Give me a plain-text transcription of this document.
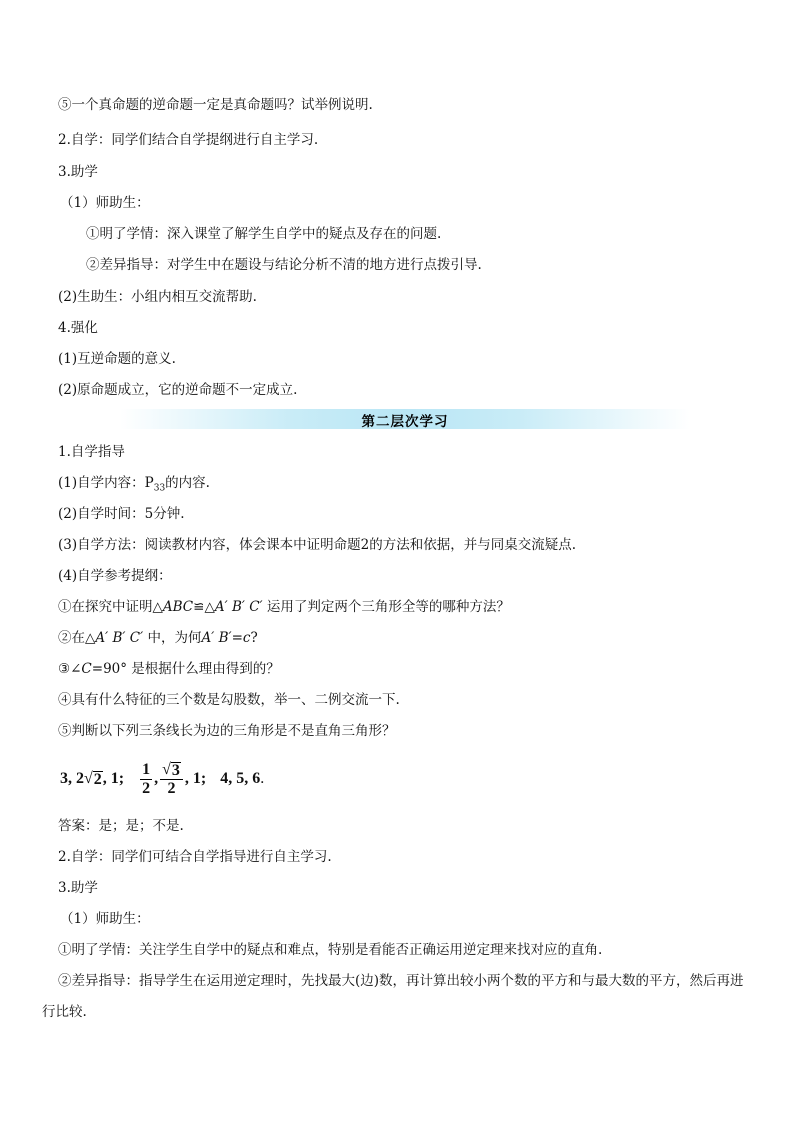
⑤一个真命题的逆命题一定是真命题吗？试举例说明.
2.自学：同学们结合自学提纲进行自主学习.
3.助学
（1）师助生：
①明了学情：深入课堂了解学生自学中的疑点及存在的问题.
②差异指导：对学生中在题设与结论分析不清的地方进行点拨引导.
(2)生助生：小组内相互交流帮助.
4.强化
(1)互逆命题的意义.
(2)原命题成立，它的逆命题不一定成立.
第二层次学习
1.自学指导
(1)自学内容：$P_{33}$的内容.
(2)自学时间：5分钟.
(3)自学方法：阅读教材内容，体会课本中证明命题2的方法和依据，并与同桌交流疑点.
(4)自学参考提纲：
①在探究中证明△ABC≌△A′ B′ C′ 运用了判定两个三角形全等的哪种方法？
②在△A′ B′ C′ 中，为何A′ B′=c?
③∠C=90° 是根据什么理由得到的？
④具有什么特征的三个数是勾股数，举一、二例交流一下.
⑤判断以下列三条线长为边的三角形是不是直角三角形？
3, 2 √ 2 , 1; $\frac{1}{2}$ , $\frac{√ 3}{2}$ , 1; 4, 5, 6 .
答案：是；是；不是.
2.自学：同学们可结合自学指导进行自主学习.
3.助学
（1）师助生：
①明了学情：关注学生自学中的疑点和难点，特别是看能否正确运用逆定理来找对应的直角.
②差异指导：指导学生在运用逆定理时，先找最大(边)数，再计算出较小两个数的平方和与最大数的平方，然后再进
行比较.
